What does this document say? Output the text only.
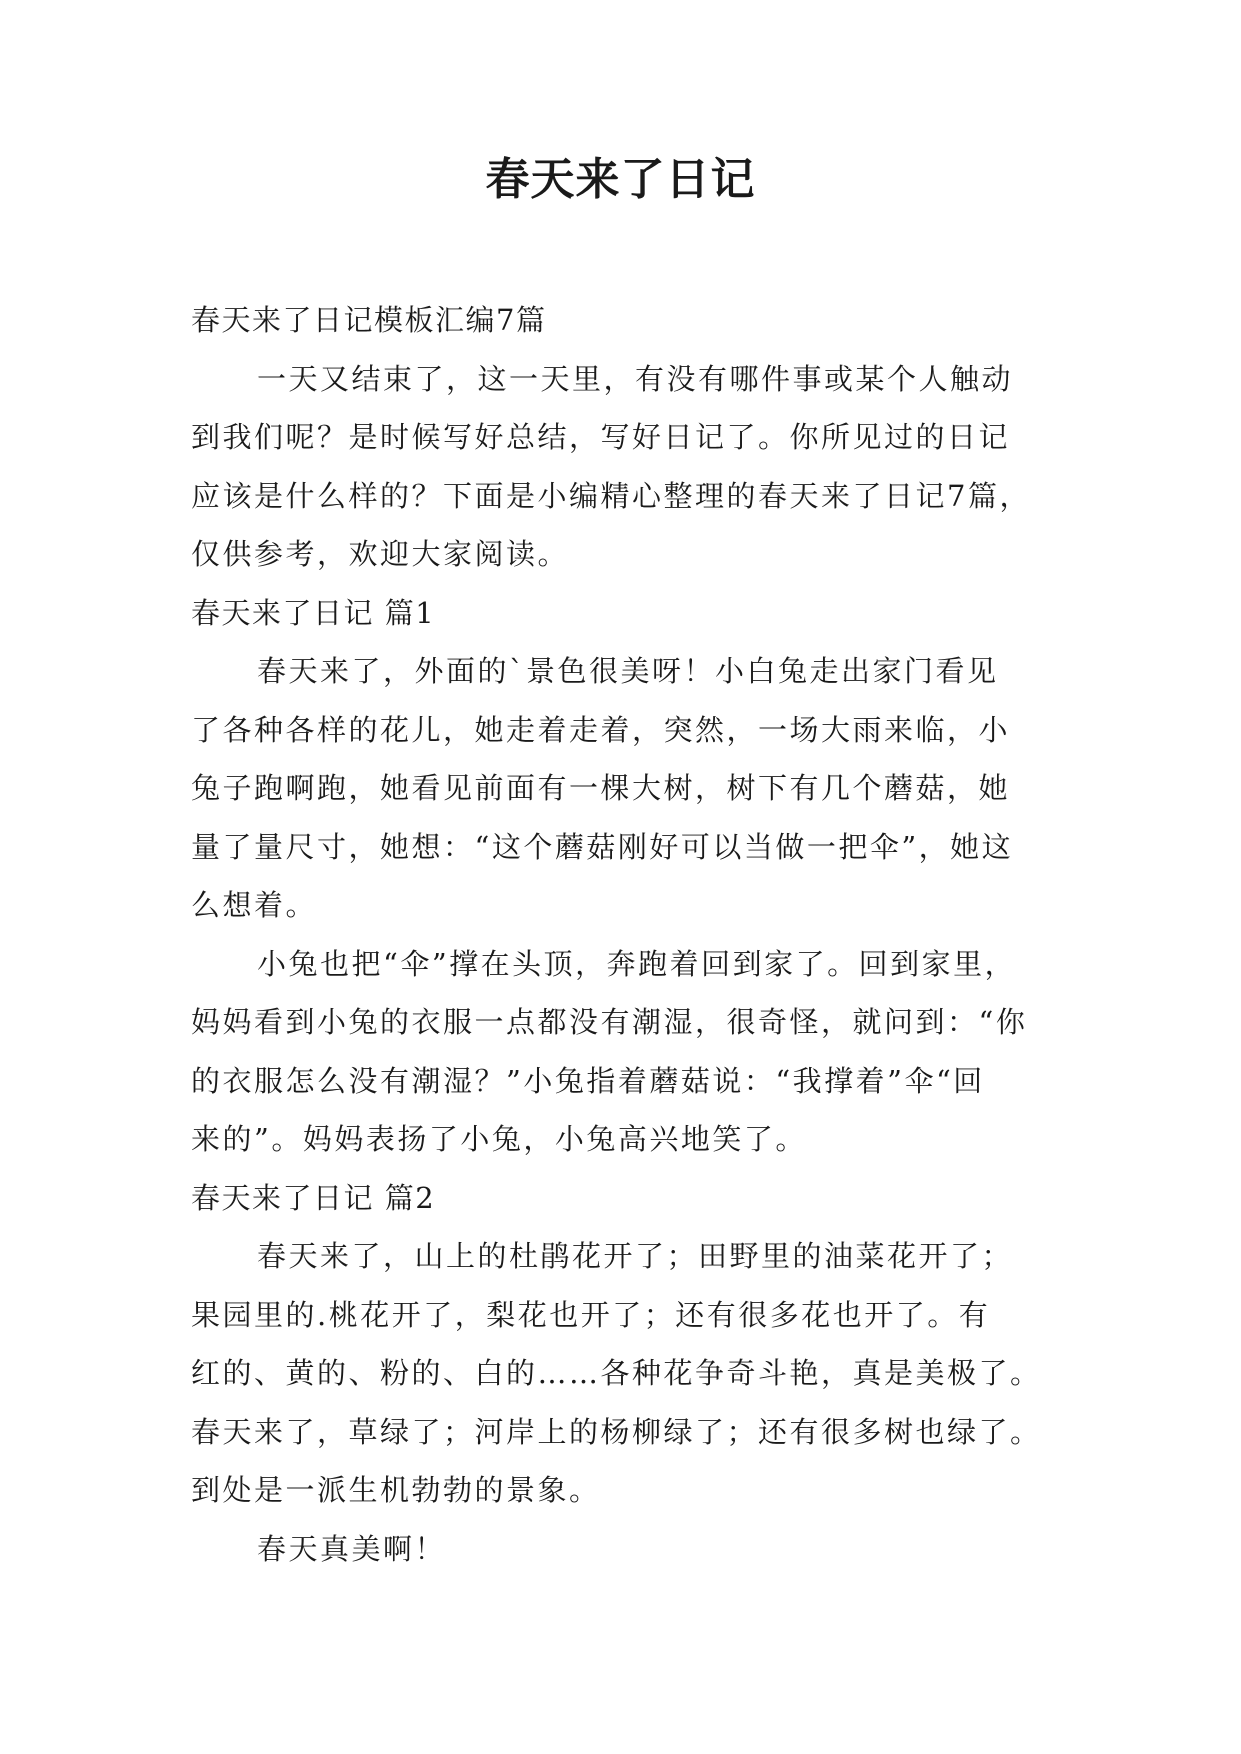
春天来了日记
春天来了日记模板汇编7篇
一天又结束了，这一天里，有没有哪件事或某个人触动
到我们呢？是时候写好总结，写好日记了。你所见过的日记
应该是什么样的？下面是小编精心整理的春天来了日记7篇，
仅供参考，欢迎大家阅读。
春天来了日记 篇1
春天来了，外面的`景色很美呀！小白兔走出家门看见
了各种各样的花儿，她走着走着，突然，一场大雨来临，小
兔子跑啊跑，她看见前面有一棵大树，树下有几个蘑菇，她
量了量尺寸，她想：“这个蘑菇刚好可以当做一把伞”，她这
么想着。
小兔也把“伞”撑在头顶，奔跑着回到家了。回到家里，
妈妈看到小兔的衣服一点都没有潮湿，很奇怪，就问到：“你
的衣服怎么没有潮湿？”小兔指着蘑菇说：“我撑着”伞“回
来的”。妈妈表扬了小兔，小兔高兴地笑了。
春天来了日记 篇2
春天来了，山上的杜鹃花开了；田野里的油菜花开了；
果园里的.桃花开了，梨花也开了；还有很多花也开了。有
红的、黄的、粉的、白的……各种花争奇斗艳，真是美极了。
春天来了，草绿了；河岸上的杨柳绿了；还有很多树也绿了。
到处是一派生机勃勃的景象。
春天真美啊！
